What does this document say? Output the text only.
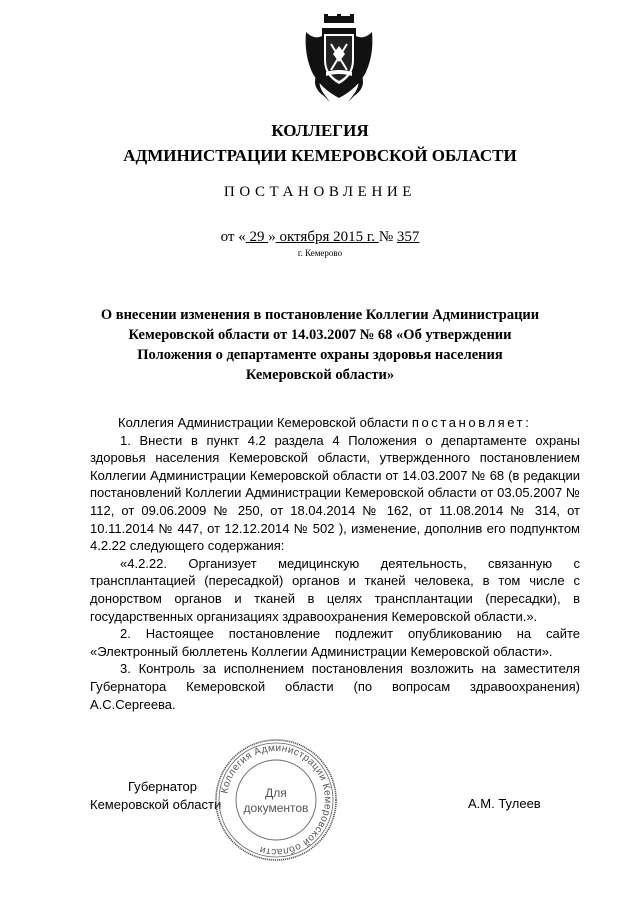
КОЛЛЕГИЯ
АДМИНИСТРАЦИИ КЕМЕРОВСКОЙ ОБЛАСТИ
ПОСТАНОВЛЕНИЕ
от « 29 » октября 2015 г. № 357
г. Кемерово
О внесении изменения в постановление Коллегии Администрации
Кемеровской области от 14.03.2007 № 68 «Об утверждении
Положения о департаменте охраны здоровья населения
Кемеровской области»

Коллегия Администрации Кемеровской области постановляет:

1. Внести в пункт 4.2 раздела 4 Положения о департаменте охраны здоровья населения Кемеровской области, утвержденного постановлением Коллегии Администрации Кемеровской области от 14.03.2007 № 68 (в редакции постановлений Коллегии Администрации Кемеровской области от 03.05.2007 № 112, от 09.06.2009 № 250, от 18.04.2014 № 162, от 11.08.2014 № 314, от 10.11.2014 № 447, от 12.12.2014 № 502 ), изменение, дополнив его подпунктом 4.2.22 следующего содержания:

«4.2.22. Организует медицинскую деятельность, связанную с трансплантацией (пересадкой) органов и тканей человека, в том числе с донорством органов и тканей в целях трансплантации (пересадки), в государственных организациях здравоохранения Кемеровской области.».

2. Настоящее постановление подлежит опубликованию на сайте «Электронный бюллетень Коллегии Администрации Кемеровской области».

3. Контроль за исполнением постановления возложить на заместителя Губернатора Кемеровской области (по вопросам здравоохранения) А.С.Сергеева.

Губернатор
Кемеровской области	А.М. Тулеев
Коллегия Администрации Кемеровской области
Для
документов
